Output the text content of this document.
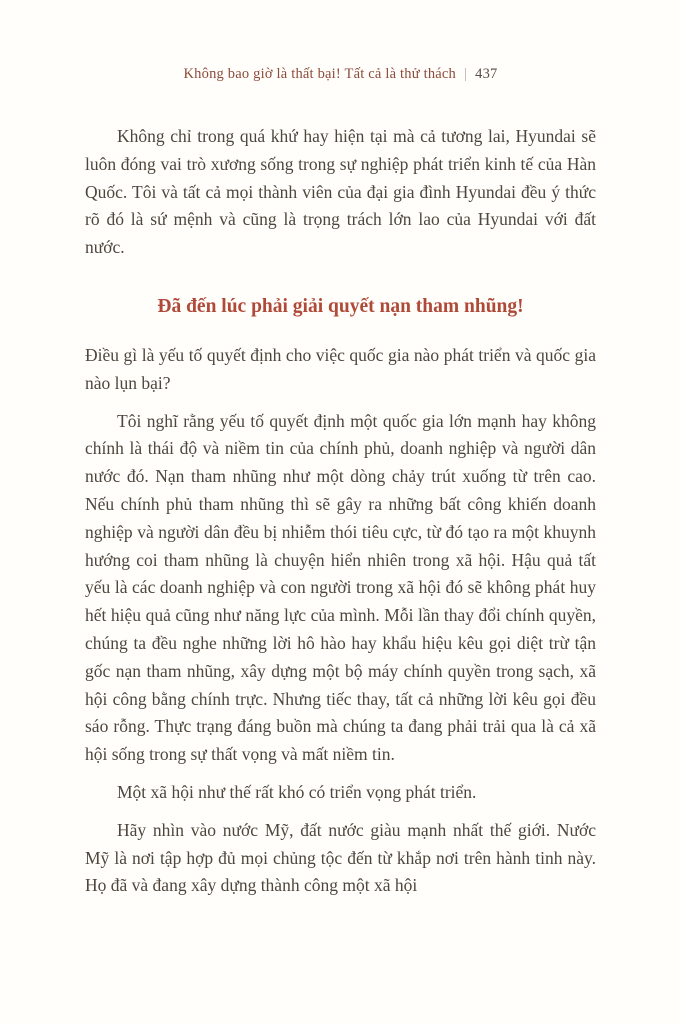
Không bao giờ là thất bại! Tất cả là thử thách | 437

Không chỉ trong quá khứ hay hiện tại mà cả tương lai, Hyundai sẽ luôn đóng vai trò xương sống trong sự nghiệp phát triển kinh tế của Hàn Quốc. Tôi và tất cả mọi thành viên của đại gia đình Hyundai đều ý thức rõ đó là sứ mệnh và cũng là trọng trách lớn lao của Hyundai với đất nước.

Đã đến lúc phải giải quyết nạn tham nhũng!

Điều gì là yếu tố quyết định cho việc quốc gia nào phát triển và quốc gia nào lụn bại?

Tôi nghĩ rằng yếu tố quyết định một quốc gia lớn mạnh hay không chính là thái độ và niềm tin của chính phủ, doanh nghiệp và người dân nước đó. Nạn tham nhũng như một dòng chảy trút xuống từ trên cao. Nếu chính phủ tham nhũng thì sẽ gây ra những bất công khiến doanh nghiệp và người dân đều bị nhiễm thói tiêu cực, từ đó tạo ra một khuynh hướng coi tham nhũng là chuyện hiển nhiên trong xã hội. Hậu quả tất yếu là các doanh nghiệp và con người trong xã hội đó sẽ không phát huy hết hiệu quả cũng như năng lực của mình. Mỗi lần thay đổi chính quyền, chúng ta đều nghe những lời hô hào hay khẩu hiệu kêu gọi diệt trừ tận gốc nạn tham nhũng, xây dựng một bộ máy chính quyền trong sạch, xã hội công bằng chính trực. Nhưng tiếc thay, tất cả những lời kêu gọi đều sáo rỗng. Thực trạng đáng buồn mà chúng ta đang phải trải qua là cả xã hội sống trong sự thất vọng và mất niềm tin.

Một xã hội như thế rất khó có triển vọng phát triển.

Hãy nhìn vào nước Mỹ, đất nước giàu mạnh nhất thế giới. Nước Mỹ là nơi tập hợp đủ mọi chủng tộc đến từ khắp nơi trên hành tinh này. Họ đã và đang xây dựng thành công một xã hội
